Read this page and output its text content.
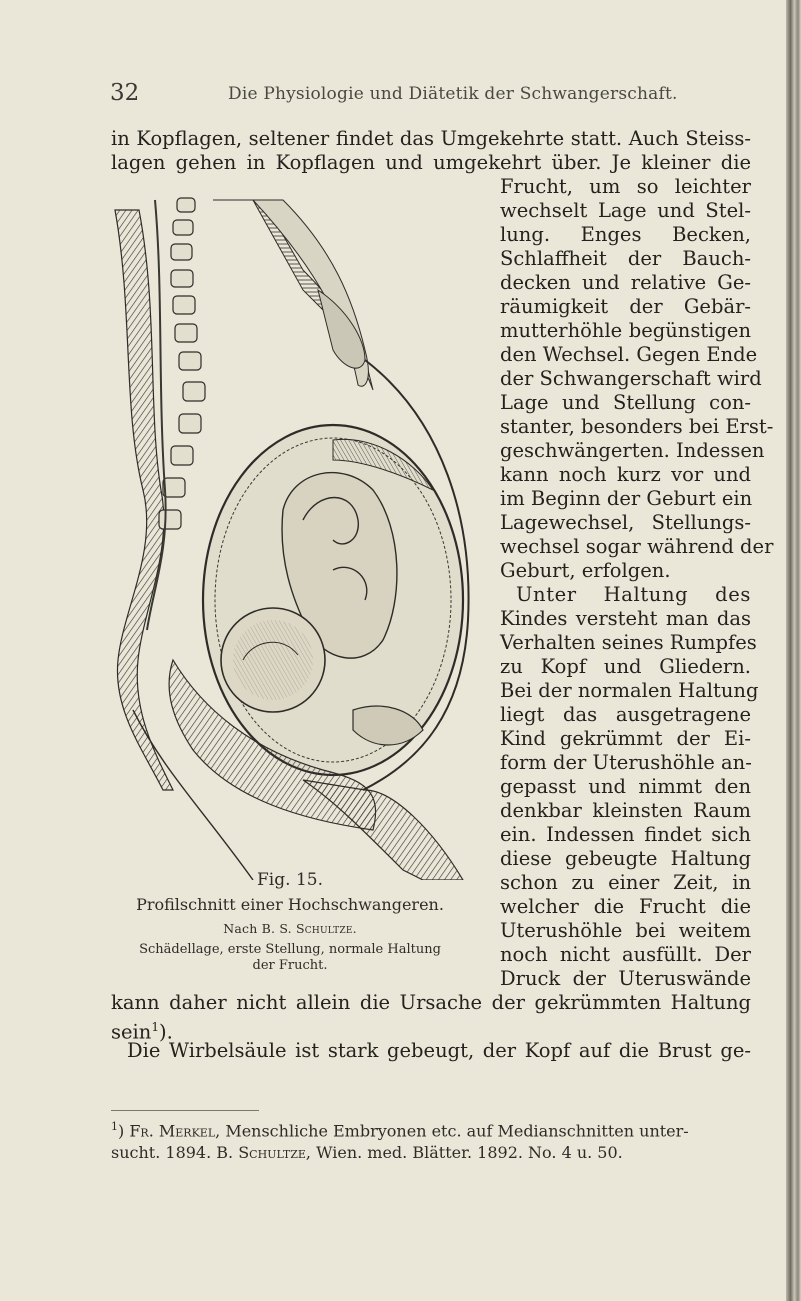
32	Die Physiologie und Diätetik der Schwangerschaft.
in Kopflagen, seltener findet das Umgekehrte statt. Auch Steiss-
lagen gehen in Kopflagen und umgekehrt über. Je kleiner die
Frucht, um so leichter
wechselt Lage und Stel-
lung. Enges Becken,
Schlaffheit der Bauch-
decken und relative Ge-
räumigkeit der Gebär-
mutterhöhle begünstigen
den Wechsel. Gegen Ende
der Schwangerschaft wird
Lage und Stellung con-
stanter, besonders bei Erst-
geschwängerten. Indessen
kann noch kurz vor und
im Beginn der Geburt ein
Lagewechsel, Stellungs-
wechsel sogar während der
Geburt, erfolgen.
Unter Haltung des
Kindes versteht man das
Verhalten seines Rumpfes
zu Kopf und Gliedern.
Bei der normalen Haltung
liegt das ausgetragene
Kind gekrümmt der Ei-
form der Uterushöhle an-
gepasst und nimmt den
denkbar kleinsten Raum
ein. Indessen findet sich
diese gebeugte Haltung
schon zu einer Zeit, in
welcher die Frucht die
Uterushöhle bei weitem
noch nicht ausfüllt. Der
Druck der Uteruswände
Fig. 15.
Profilschnitt einer Hochschwangeren.
Nach B. S. Schultze.
Schädellage, erste Stellung, normale Haltung
der Frucht.
kann daher nicht allein die Ursache der gekrümmten Haltung
sein$^1$).
Die Wirbelsäule ist stark gebeugt, der Kopf auf die Brust ge-
$^1$) Fr. Merkel, Menschliche Embryonen etc. auf Medianschnitten unter-
sucht. 1894. B. Schultze, Wien. med. Blätter. 1892. No. 4 u. 50.
